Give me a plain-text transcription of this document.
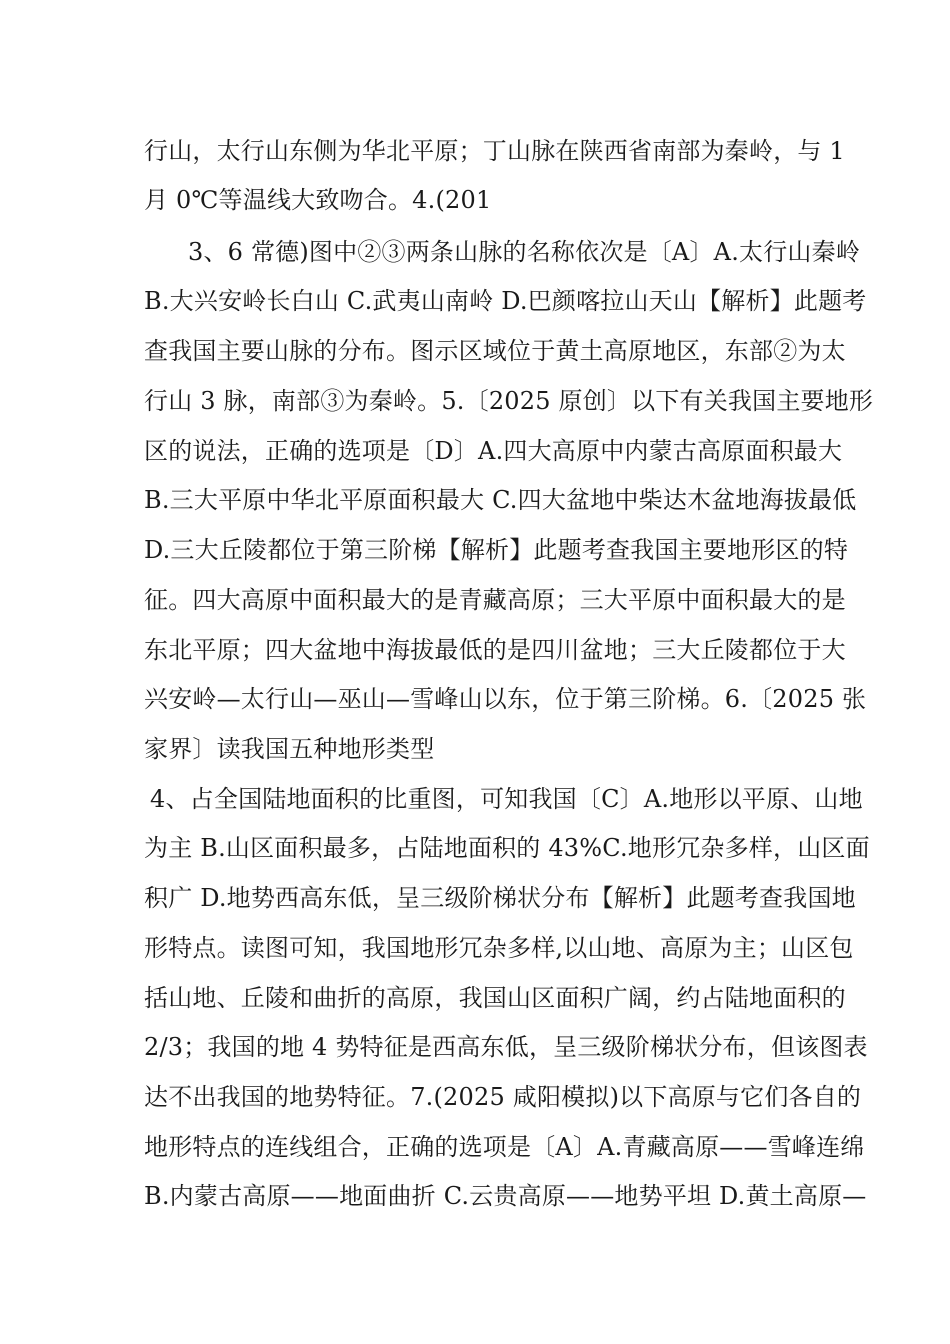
行山，太行山东侧为华北平原；丁山脉在陕西省南部为秦岭，与 1
月 0℃等温线大致吻合。4.(201
3、6 常德)图中②③两条山脉的名称依次是〔A〕A.太行山秦岭
B.大兴安岭长白山 C.武夷山南岭 D.巴颜喀拉山天山【解析】此题考
查我国主要山脉的分布。图示区域位于黄土高原地区，东部②为太
行山 3 脉，南部③为秦岭。5.〔2025 原创〕以下有关我国主要地形
区的说法，正确的选项是〔D〕A.四大高原中内蒙古高原面积最大
B.三大平原中华北平原面积最大 C.四大盆地中柴达木盆地海拔最低
D.三大丘陵都位于第三阶梯【解析】此题考查我国主要地形区的特
征。四大高原中面积最大的是青藏高原；三大平原中面积最大的是
东北平原；四大盆地中海拔最低的是四川盆地；三大丘陵都位于大
兴安岭—太行山—巫山—雪峰山以东，位于第三阶梯。6.〔2025 张
家界〕读我国五种地形类型
4、占全国陆地面积的比重图，可知我国〔C〕A.地形以平原、山地
为主 B.山区面积最多，占陆地面积的 43%C.地形冗杂多样，山区面
积广 D.地势西高东低，呈三级阶梯状分布【解析】此题考查我国地
形特点。读图可知，我国地形冗杂多样,以山地、高原为主；山区包
括山地、丘陵和曲折的高原，我国山区面积广阔，约占陆地面积的
2/3；我国的地 4 势特征是西高东低，呈三级阶梯状分布，但该图表
达不出我国的地势特征。7.(2025 咸阳模拟)以下高原与它们各自的
地形特点的连线组合，正确的选项是〔A〕A.青藏高原——雪峰连绵
B.内蒙古高原——地面曲折 C.云贵高原——地势平坦 D.黄土高原—
